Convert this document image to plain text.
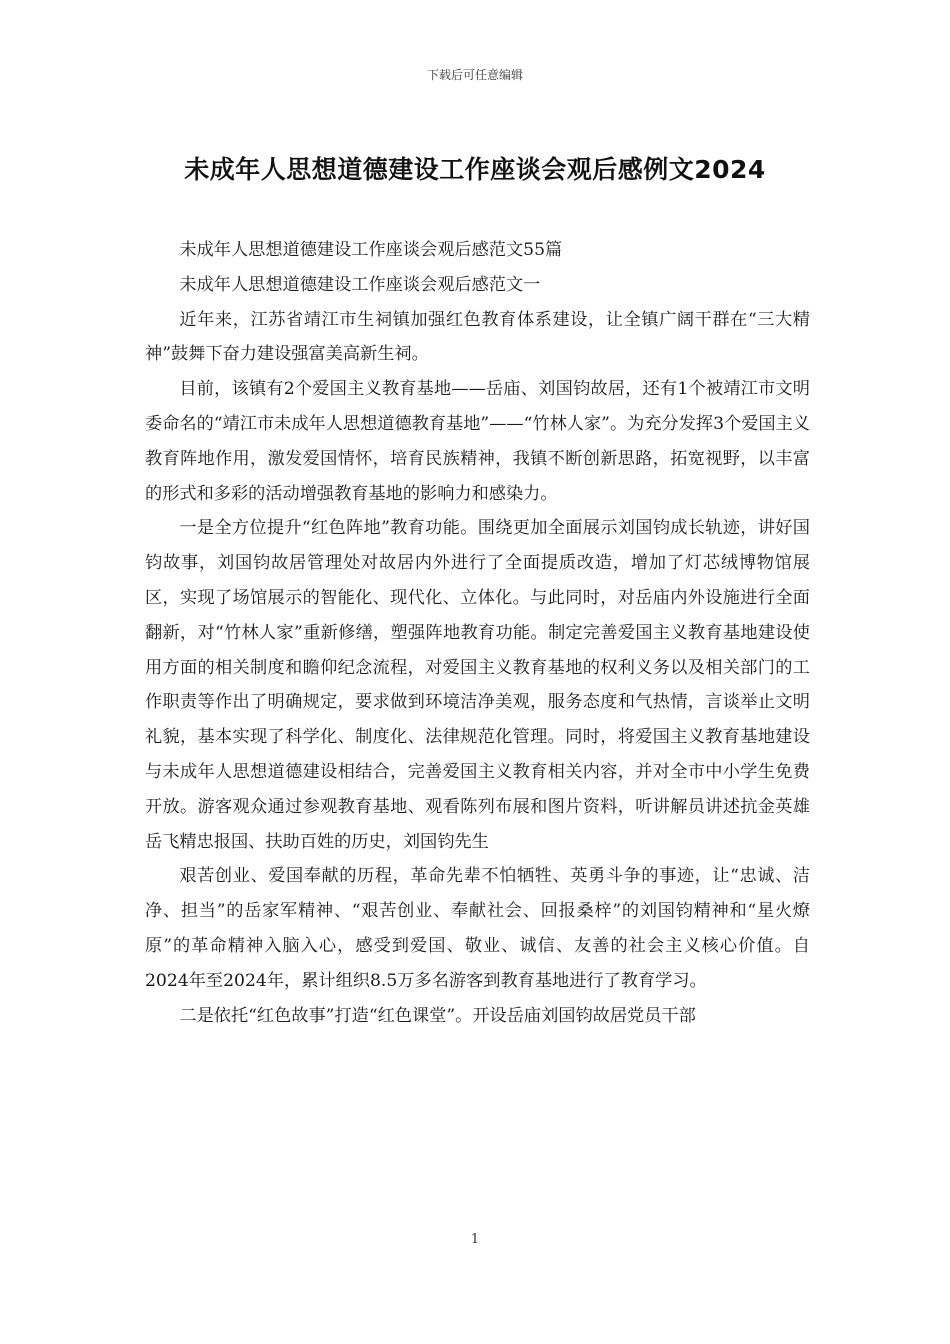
下载后可任意编辑
未成年人思想道德建设工作座谈会观后感例文2024

未成年人思想道德建设工作座谈会观后感范文55篇

未成年人思想道德建设工作座谈会观后感范文一

近年来，江苏省靖江市生祠镇加强红色教育体系建设，让全镇广阔干群在“三大精神”鼓舞下奋力建设强富美高新生祠。

目前，该镇有2个爱国主义教育基地——岳庙、刘国钧故居，还有1个被靖江市文明委命名的“靖江市未成年人思想道德教育基地”——“竹林人家”。为充分发挥3个爱国主义教育阵地作用，激发爱国情怀，培育民族精神，我镇不断创新思路，拓宽视野，以丰富的形式和多彩的活动增强教育基地的影响力和感染力。

一是全方位提升“红色阵地”教育功能。围绕更加全面展示刘国钧成长轨迹，讲好国钧故事，刘国钧故居管理处对故居内外进行了全面提质改造，增加了灯芯绒博物馆展区，实现了场馆展示的智能化、现代化、立体化。与此同时，对岳庙内外设施进行全面翻新，对“竹林人家”重新修缮，塑强阵地教育功能。制定完善爱国主义教育基地建设使用方面的相关制度和瞻仰纪念流程，对爱国主义教育基地的权利义务以及相关部门的工作职责等作出了明确规定，要求做到环境洁净美观，服务态度和气热情，言谈举止文明礼貌，基本实现了科学化、制度化、法律规范化管理。同时，将爱国主义教育基地建设与未成年人思想道德建设相结合，完善爱国主义教育相关内容，并对全市中小学生免费开放。游客观众通过参观教育基地、观看陈列布展和图片资料，听讲解员讲述抗金英雄岳飞精忠报国、扶助百姓的历史，刘国钧先生

艰苦创业、爱国奉献的历程，革命先辈不怕牺牲、英勇斗争的事迹，让“忠诚、洁净、担当”的岳家军精神、“艰苦创业、奉献社会、回报桑梓”的刘国钧精神和“星火燎原”的革命精神入脑入心，感受到爱国、敬业、诚信、友善的社会主义核心价值。自2024年至2024年，累计组织8.5万多名游客到教育基地进行了教育学习。

二是依托“红色故事”打造“红色课堂”。开设岳庙刘国钧故居党员干部

1
